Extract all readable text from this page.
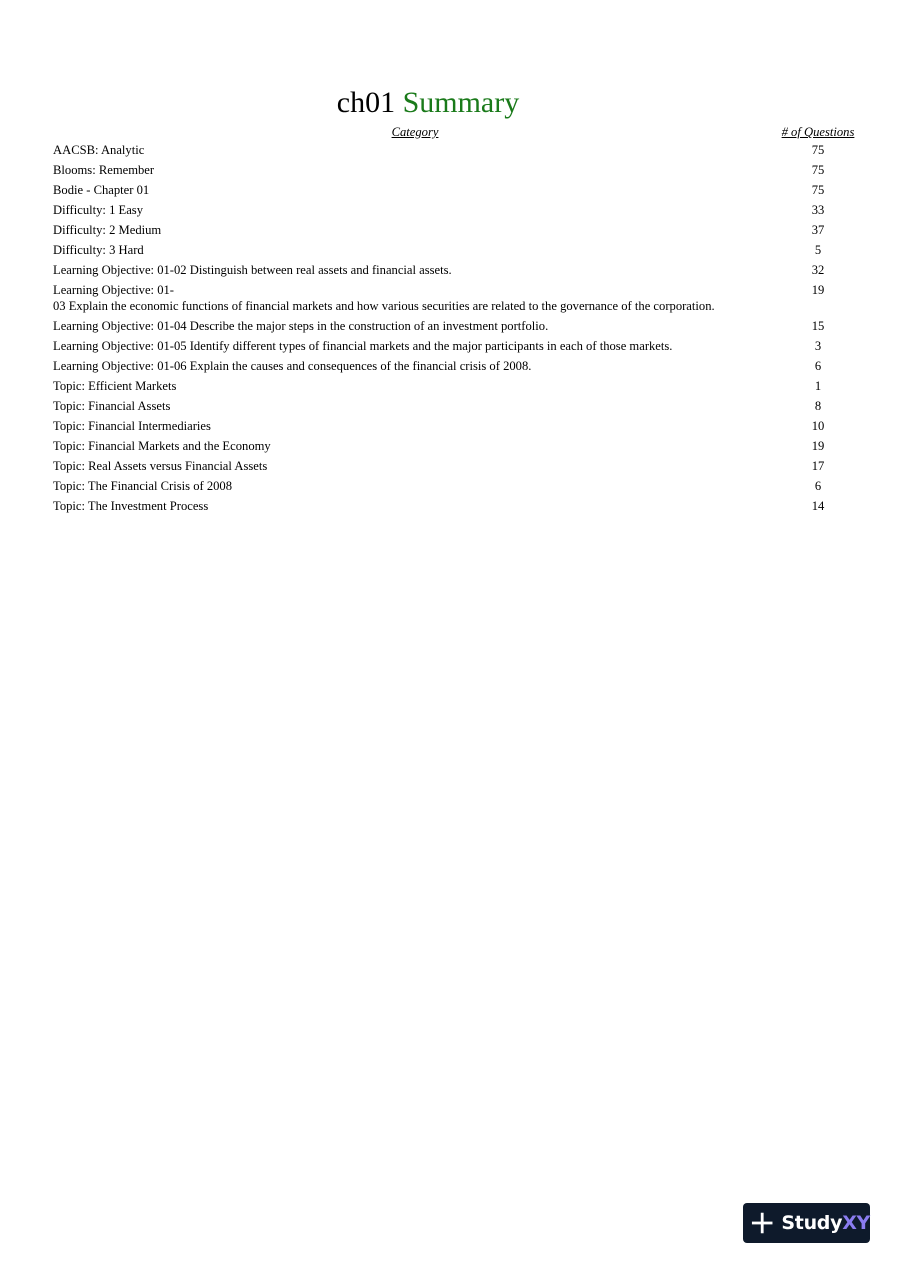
ch01 Summary
Category	# of Questions

AACSB: Analytic	75

Blooms: Remember	75

Bodie - Chapter 01	75

Difficulty: 1 Easy	33

Difficulty: 2 Medium	37

Difficulty: 3 Hard	5

Learning Objective: 01-02 Distinguish between real assets and financial assets.	32

Learning Objective: 01-
03 Explain the economic functions of financial markets and how various securities are related to the governance of the corporation.	19

Learning Objective: 01-04 Describe the major steps in the construction of an investment portfolio.	15

Learning Objective: 01-05 Identify different types of financial markets and the major participants in each of those markets.	3

Learning Objective: 01-06 Explain the causes and consequences of the financial crisis of 2008.	6

Topic: Efficient Markets	1

Topic: Financial Assets	8

Topic: Financial Intermediaries	10

Topic: Financial Markets and the Economy	19

Topic: Real Assets versus Financial Assets	17

Topic: The Financial Crisis of 2008	6

Topic: The Investment Process	14
StudyXY
